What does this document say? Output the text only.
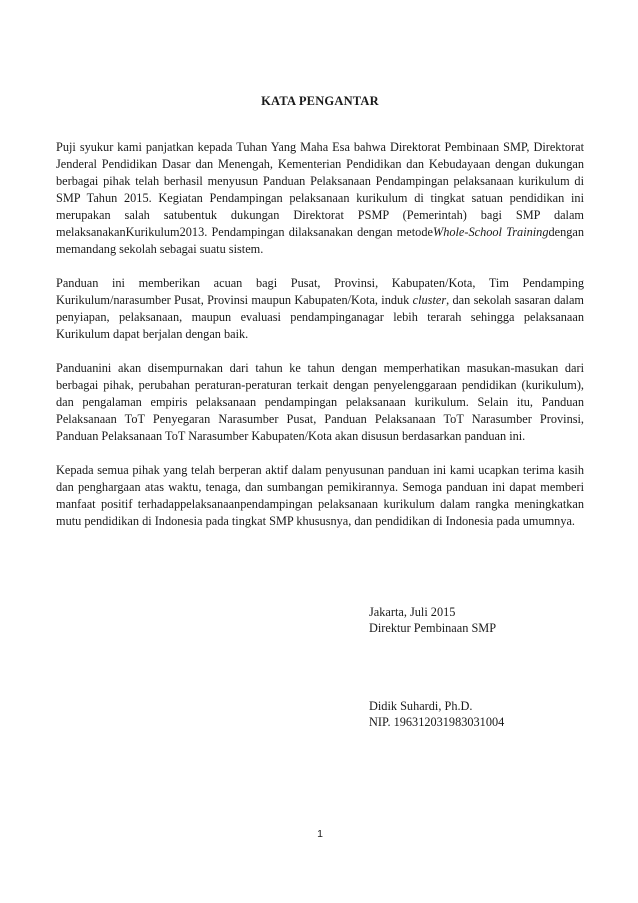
KATA PENGANTAR

Puji syukur kami panjatkan kepada Tuhan Yang Maha Esa bahwa Direktorat Pembinaan SMP, Direktorat Jenderal Pendidikan Dasar dan Menengah, Kementerian Pendidikan dan Kebudayaan dengan dukungan berbagai pihak telah berhasil menyusun Panduan Pelaksanaan Pendampingan pelaksanaan kurikulum di SMP Tahun 2015. Kegiatan Pendampingan pelaksanaan kurikulum di tingkat satuan pendidikan ini merupakan salah satubentuk dukungan Direktorat PSMP (Pemerintah) bagi SMP dalam melaksanakanKurikulum2013. Pendampingan dilaksanakan dengan metodeWhole-School Trainingdengan memandang sekolah sebagai suatu sistem.

Panduan ini memberikan acuan bagi Pusat, Provinsi, Kabupaten/Kota, Tim Pendamping Kurikulum/narasumber Pusat, Provinsi maupun Kabupaten/Kota, induk cluster, dan sekolah sasaran dalam penyiapan, pelaksanaan, maupun evaluasi pendampinganagar lebih terarah sehingga pelaksanaan Kurikulum dapat berjalan dengan baik.

Panduanini akan disempurnakan dari tahun ke tahun dengan memperhatikan masukan-masukan dari berbagai pihak, perubahan peraturan-peraturan terkait dengan penyelenggaraan pendidikan (kurikulum), dan pengalaman empiris pelaksanaan pendampingan pelaksanaan kurikulum. Selain itu, Panduan Pelaksanaan ToT Penyegaran Narasumber Pusat, Panduan Pelaksanaan ToT Narasumber Provinsi, Panduan Pelaksanaan ToT Narasumber Kabupaten/Kota akan disusun berdasarkan panduan ini.

Kepada semua pihak yang telah berperan aktif dalam penyusunan panduan ini kami ucapkan terima kasih dan penghargaan atas waktu, tenaga, dan sumbangan pemikirannya. Semoga panduan ini dapat memberi manfaat positif terhadappelaksanaanpendampingan pelaksanaan kurikulum dalam rangka meningkatkan mutu pendidikan di Indonesia pada tingkat SMP khususnya, dan pendidikan di Indonesia pada umumnya.

Jakarta, Juli 2015
Direktur Pembinaan SMP
Didik Suhardi, Ph.D.
NIP. 196312031983031004
1
